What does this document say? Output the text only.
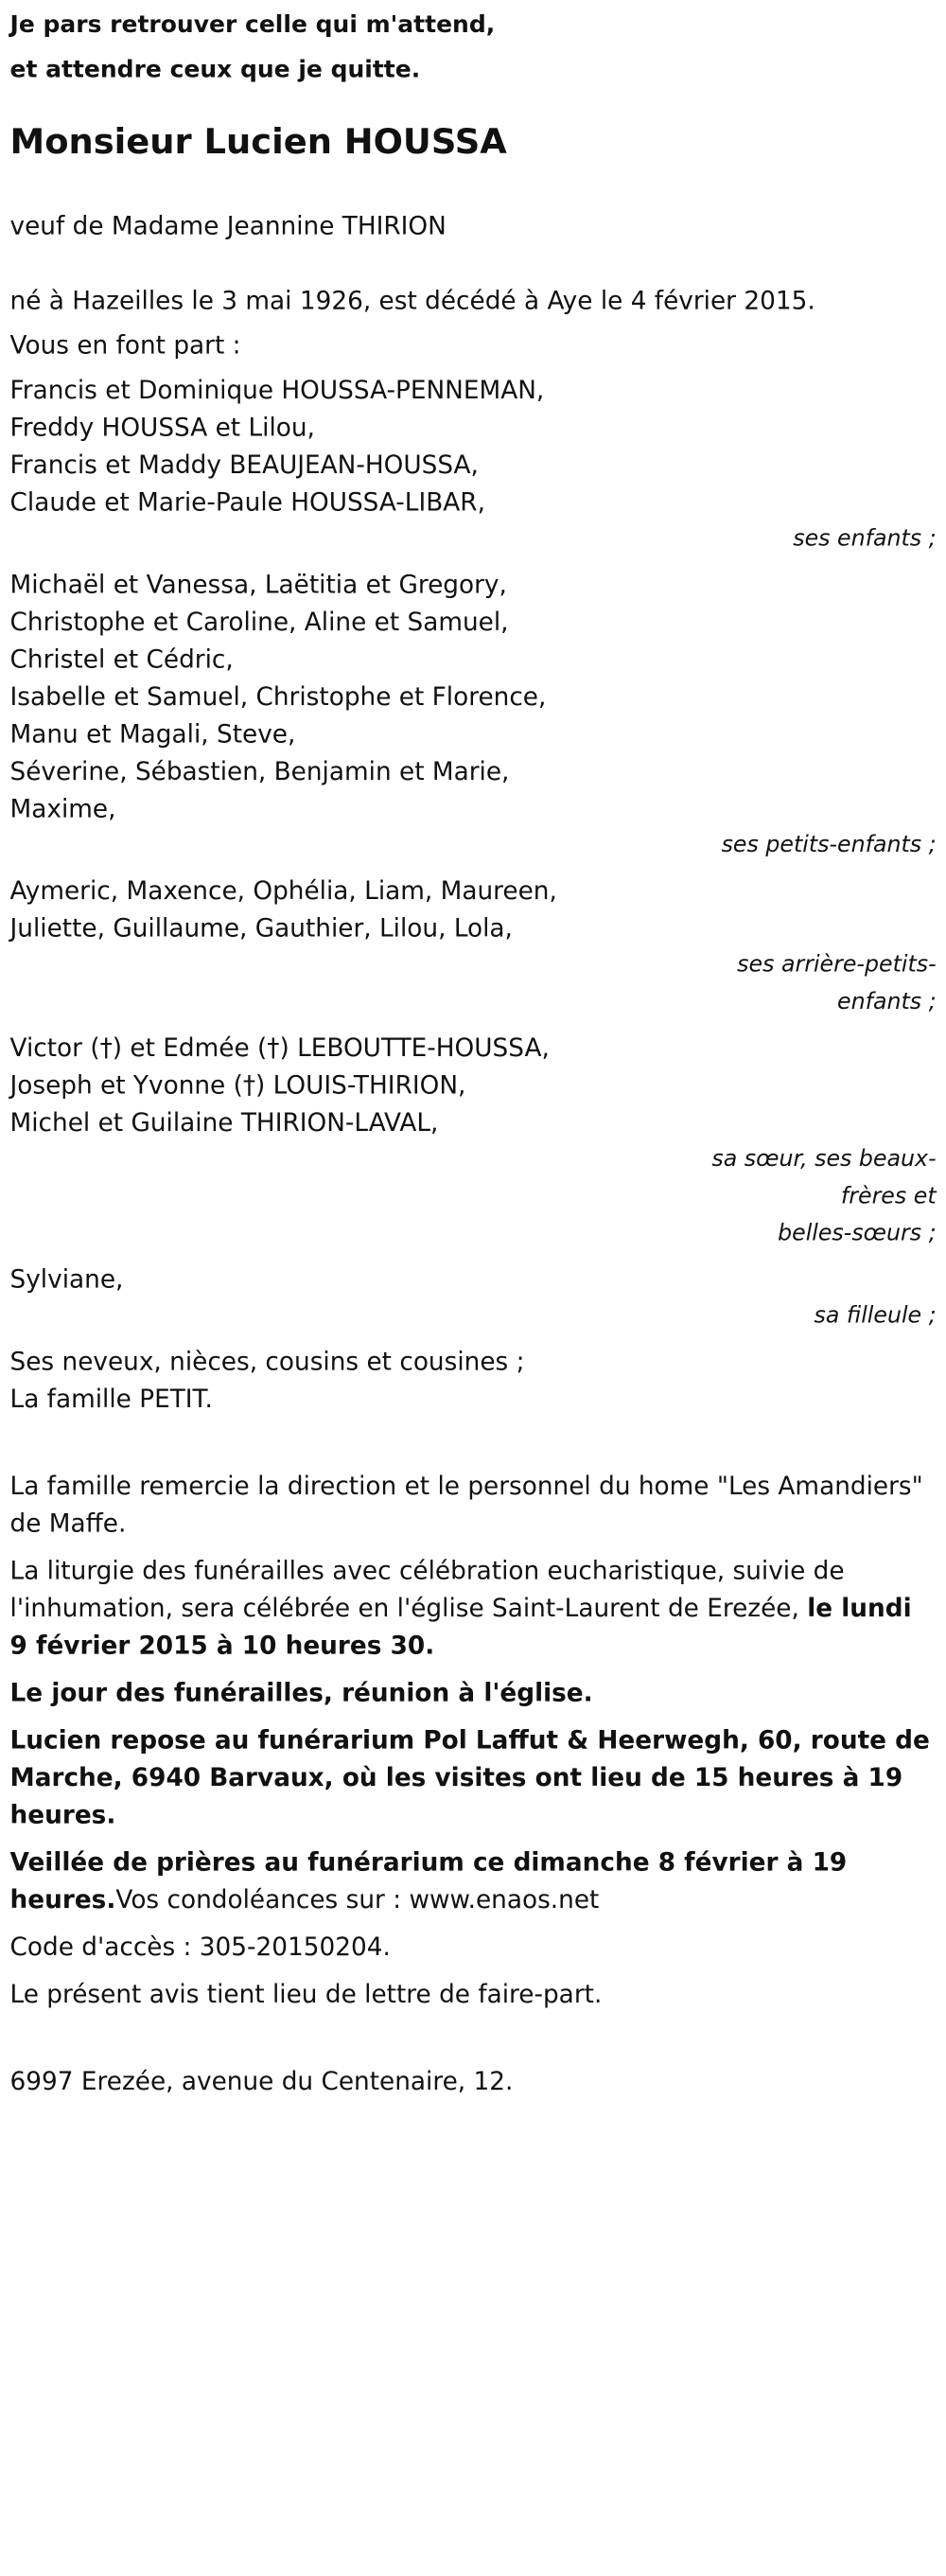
Je pars retrouver celle qui m'attend,
et attendre ceux que je quitte.
Monsieur Lucien HOUSSA

veuf de Madame Jeannine THIRION

né à Hazeilles le 3 mai 1926, est décédé à Aye le 4 février 2015.

Vous en font part :

Francis et Dominique HOUSSA-PENNEMAN,
Freddy HOUSSA et Lilou,
Francis et Maddy BEAUJEAN-HOUSSA,
Claude et Marie-Paule HOUSSA-LIBAR,
ses enfants ;
Michaël et Vanessa, Laëtitia et Gregory,
Christophe et Caroline, Aline et Samuel,
Christel et Cédric,
Isabelle et Samuel, Christophe et Florence,
Manu et Magali, Steve,
Séverine, Sébastien, Benjamin et Marie,
Maxime,
ses petits-enfants ;
Aymeric, Maxence, Ophélia, Liam, Maureen,
Juliette, Guillaume, Gauthier, Lilou, Lola,
ses arrière-petits-
enfants ;
Victor (†) et Edmée (†) LEBOUTTE-HOUSSA,
Joseph et Yvonne (†) LOUIS-THIRION,
Michel et Guilaine THIRION-LAVAL,
sa sœur, ses beaux-
frères et
belles-sœurs ;
Sylviane,
sa filleule ;
Ses neveux, nièces, cousins et cousines ;
La famille PETIT.

La famille remercie la direction et le personnel du home "Les Amandiers" de Maffe.

La liturgie des funérailles avec célébration eucharistique, suivie de l'inhumation, sera célébrée en l'église Saint-Laurent de Erezée, le lundi 9 février 2015 à 10 heures 30.

Le jour des funérailles, réunion à l'église.

Lucien repose au funérarium Pol Laffut & Heerwegh, 60, route de Marche, 6940 Barvaux, où les visites ont lieu de 15 heures à 19 heures.

Veillée de prières au funérarium ce dimanche 8 février à 19 heures.Vos condoléances sur : www.enaos.net

Code d'accès : 305-20150204.

Le présent avis tient lieu de lettre de faire-part.

6997 Erezée, avenue du Centenaire, 12.
